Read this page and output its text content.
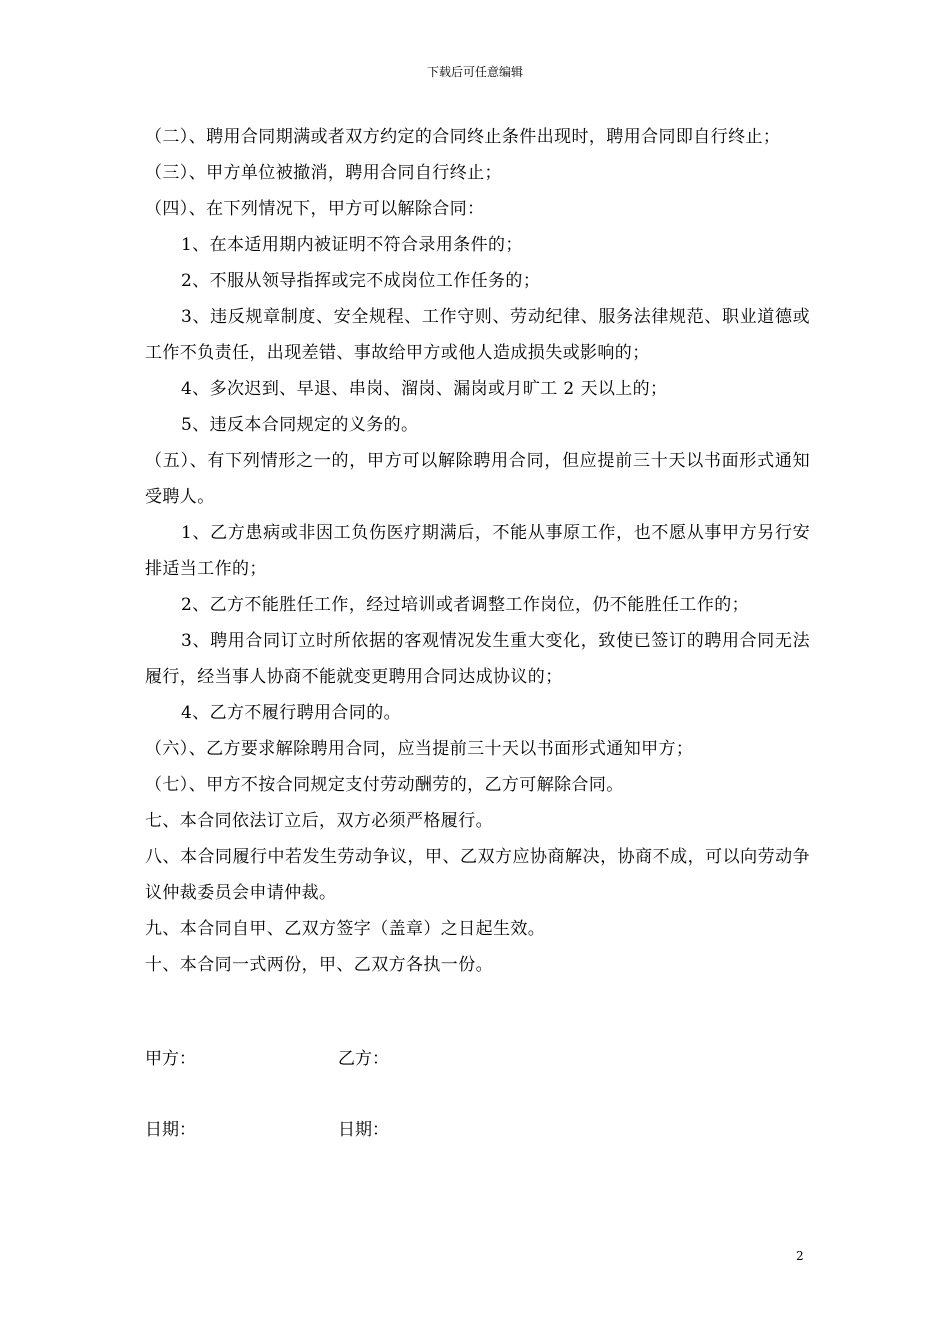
下载后可任意编辑

（二）、聘用合同期满或者双方约定的合同终止条件出现时，聘用合同即自行终止；

（三）、甲方单位被撤消，聘用合同自行终止；

（四）、在下列情况下，甲方可以解除合同：

1、在本适用期内被证明不符合录用条件的；

2、不服从领导指挥或完不成岗位工作任务的；

3、违反规章制度、安全规程、工作守则、劳动纪律、服务法律规范、职业道德或工作不负责任，出现差错、事故给甲方或他人造成损失或影响的；

4、多次迟到、早退、串岗、溜岗、漏岗或月旷工 2 天以上的；

5、违反本合同规定的义务的。

（五）、有下列情形之一的，甲方可以解除聘用合同，但应提前三十天以书面形式通知受聘人。

1、乙方患病或非因工负伤医疗期满后，不能从事原工作，也不愿从事甲方另行安排适当工作的；

2、乙方不能胜任工作，经过培训或者调整工作岗位，仍不能胜任工作的；

3、聘用合同订立时所依据的客观情况发生重大变化，致使已签订的聘用合同无法履行，经当事人协商不能就变更聘用合同达成协议的；

4、乙方不履行聘用合同的。

（六）、乙方要求解除聘用合同，应当提前三十天以书面形式通知甲方；

（七）、甲方不按合同规定支付劳动酬劳的，乙方可解除合同。

七、本合同依法订立后，双方必须严格履行。

八、本合同履行中若发生劳动争议，甲、乙双方应协商解决，协商不成，可以向劳动争议仲裁委员会申请仲裁。

九、本合同自甲、乙双方签字（盖章）之日起生效。

十、本合同一式两份，甲、乙双方各执一份。

甲方：	乙方：
日期：	日期：
2
